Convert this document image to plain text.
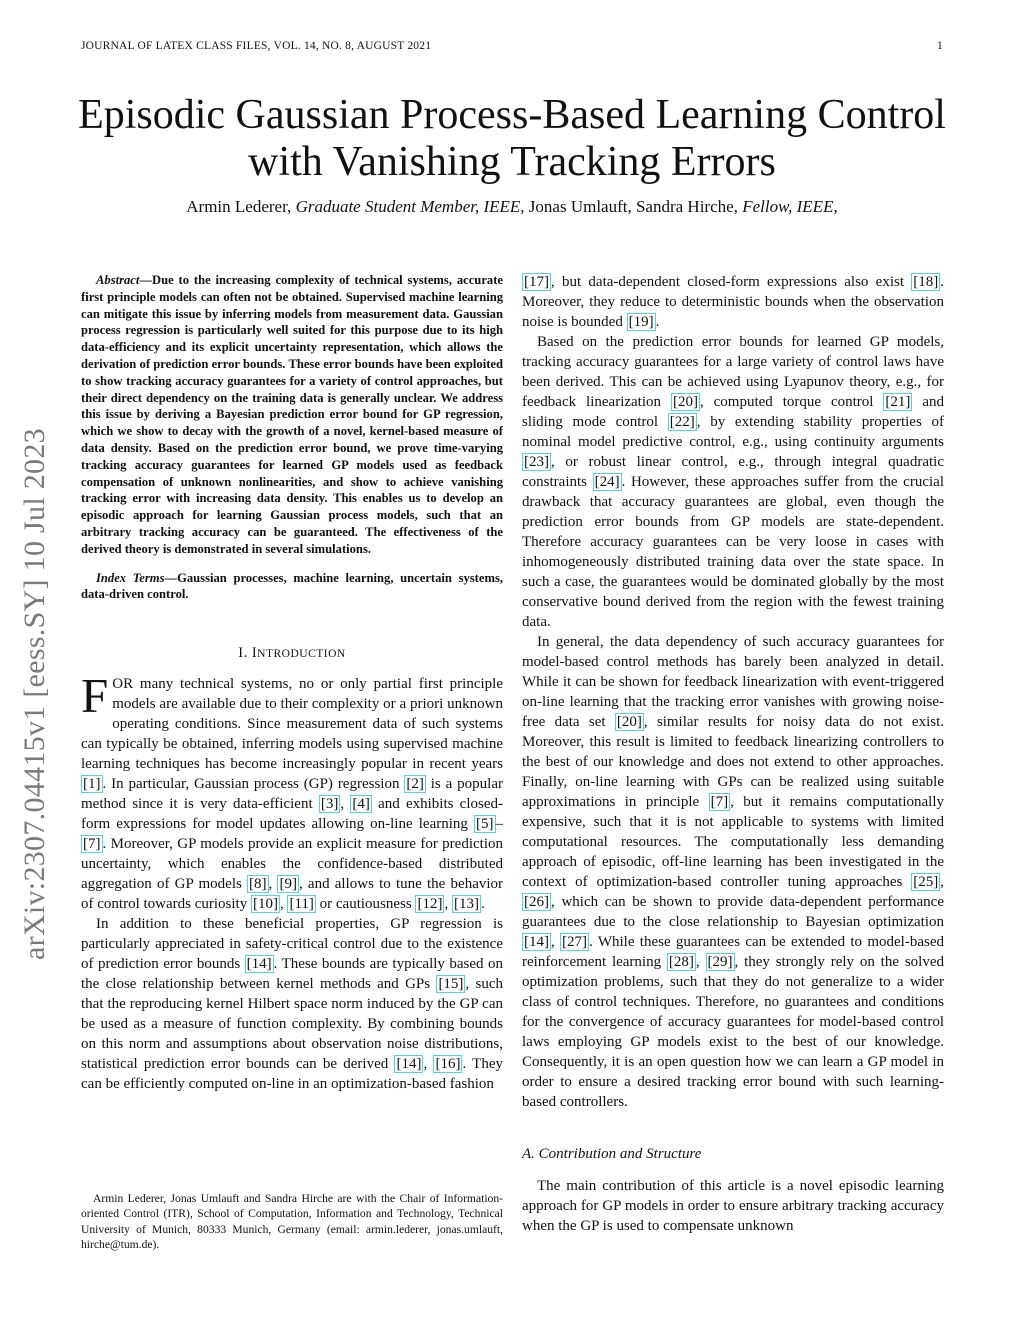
JOURNAL OF LATEX CLASS FILES, VOL. 14, NO. 8, AUGUST 2021	1
arXiv:2307.04415v1 [eess.SY] 10 Jul 2023
Episodic Gaussian Process-Based Learning Control with Vanishing Tracking Errors
Armin Lederer, Graduate Student Member, IEEE, Jonas Umlauft, Sandra Hirche, Fellow, IEEE,

Abstract—Due to the increasing complexity of technical systems, accurate first principle models can often not be obtained. Supervised machine learning can mitigate this issue by inferring models from measurement data. Gaussian process regression is particularly well suited for this purpose due to its high data-efficiency and its explicit uncertainty representation, which allows the derivation of prediction error bounds. These error bounds have been exploited to show tracking accuracy guarantees for a variety of control approaches, but their direct dependency on the training data is generally unclear. We address this issue by deriving a Bayesian prediction error bound for GP regression, which we show to decay with the growth of a novel, kernel-based measure of data density. Based on the prediction error bound, we prove time-varying tracking accuracy guarantees for learned GP models used as feedback compensation of unknown nonlinearities, and show to achieve vanishing tracking error with increasing data density. This enables us to develop an episodic approach for learning Gaussian process models, such that an arbitrary tracking accuracy can be guaranteed. The effectiveness of the derived theory is demonstrated in several simulations.

Index Terms—Gaussian processes, machine learning, uncertain systems, data-driven control.

I. INTRODUCTION

FOR many technical systems, no or only partial first principle models are available due to their complexity or a priori unknown operating conditions. Since measurement data of such systems can typically be obtained, inferring models using supervised machine learning techniques has become increasingly popular in recent years [1] . In particular, Gaussian process (GP) regression [2] is a popular method since it is very data-efficient [3] , [4] and exhibits closed-form expressions for model updates allowing on-line learning [5] –[7] . Moreover, GP models provide an explicit measure for prediction uncertainty, which enables the confidence-based distributed aggregation of GP models [8] , [9] , and allows to tune the behavior of control towards curiosity [10] , [11] or cautiousness [12] , [13] .

In addition to these beneficial properties, GP regression is particularly appreciated in safety-critical control due to the existence of prediction error bounds [14] . These bounds are typically based on the close relationship between kernel methods and GPs [15] , such that the reproducing kernel Hilbert space norm induced by the GP can be used as a measure of function complexity. By combining bounds on this norm and assumptions about observation noise distributions, statistical prediction error bounds can be derived [14] , [16] . They can be efficiently computed on-line in an optimization-based fashion

Armin Lederer, Jonas Umlauft and Sandra Hirche are with the Chair of Information-oriented Control (ITR), School of Computation, Information and Technology, Technical University of Munich, 80333 Munich, Germany (email: armin.lederer, jonas.umlauft, hirche@tum.de).

[17] , but data-dependent closed-form expressions also exist [18] . Moreover, they reduce to deterministic bounds when the observation noise is bounded [19] .

Based on the prediction error bounds for learned GP models, tracking accuracy guarantees for a large variety of control laws have been derived. This can be achieved using Lyapunov theory, e.g., for feedback linearization [20] , computed torque control [21] and sliding mode control [22] , by extending stability properties of nominal model predictive control, e.g., using continuity arguments [23] , or robust linear control, e.g., through integral quadratic constraints [24] . However, these approaches suffer from the crucial drawback that accuracy guarantees are global, even though the prediction error bounds from GP models are state-dependent. Therefore accuracy guarantees can be very loose in cases with inhomogeneously distributed training data over the state space. In such a case, the guarantees would be dominated globally by the most conservative bound derived from the region with the fewest training data.

In general, the data dependency of such accuracy guarantees for model-based control methods has barely been analyzed in detail. While it can be shown for feedback linearization with event-triggered on-line learning that the tracking error vanishes with growing noise-free data set [20] , similar results for noisy data do not exist. Moreover, this result is limited to feedback linearizing controllers to the best of our knowledge and does not extend to other approaches. Finally, on-line learning with GPs can be realized using suitable approximations in principle [7] , but it remains computationally expensive, such that it is not applicable to systems with limited computational resources. The computationally less demanding approach of episodic, off-line learning has been investigated in the context of optimization-based controller tuning approaches [25] , [26] , which can be shown to provide data-dependent performance guarantees due to the close relationship to Bayesian optimization [14] , [27] . While these guarantees can be extended to model-based reinforcement learning [28] , [29] , they strongly rely on the solved optimization problems, such that they do not generalize to a wider class of control techniques. Therefore, no guarantees and conditions for the convergence of accuracy guarantees for model-based control laws employing GP models exist to the best of our knowledge. Consequently, it is an open question how we can learn a GP model in order to ensure a desired tracking error bound with such learning-based controllers.

A. Contribution and Structure

The main contribution of this article is a novel episodic learning approach for GP models in order to ensure arbitrary tracking accuracy when the GP is used to compensate unknown
